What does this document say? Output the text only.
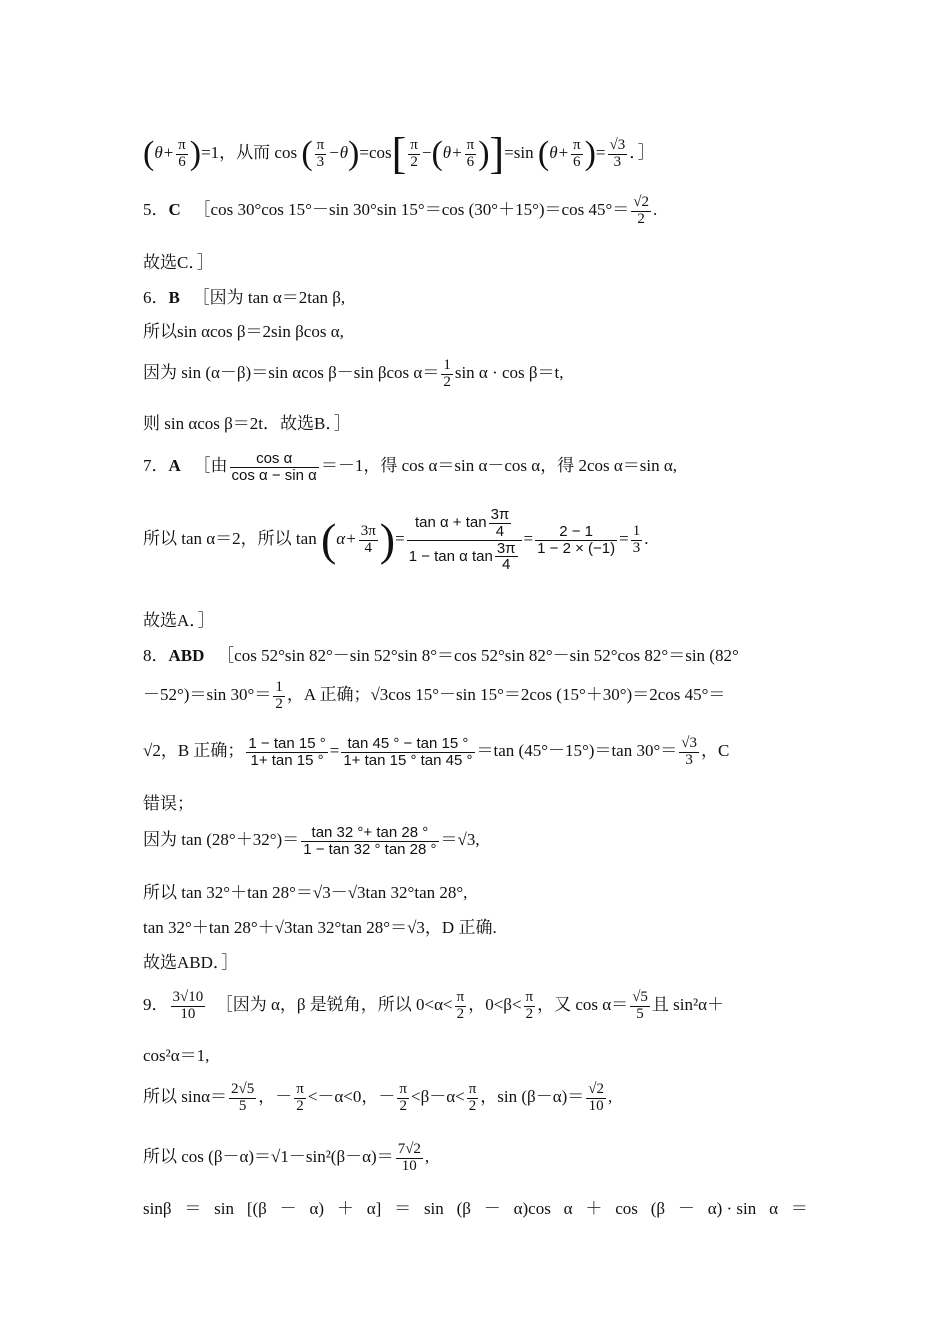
$(\theta+ \frac{\pi}{6} )=1$，从而 cos ( $\frac{\pi}{3} -\theta)=\cos[ \frac{\pi}{2} -(\theta+ \frac{\pi}{6} )]=\sin$ ($\theta+ \frac{\pi}{6}$ )= $\frac{√3}{3}$ ．］
5．C ［cos 30°cos 15°－sin 30°sin 15°＝cos (30°＋15°)＝cos $45^\circ= \frac{√2}{2}$ .
故选C．］
6．B ［因为 tan α＝2tan β,
所以sin αcos β＝2sin βcos α,
因为 sin (α－β)＝sin αcos β－sin βcos $\alpha= \frac{1}{2}$ sin α · cos β＝t,
则 sin αcos β＝2t．故选B．］
7．A ［由 $\frac{\text{cos α}}{\text{cos α − sin α}} =-1$，得 cos α＝sin α－cos α，得 2cos α＝sin α,
所以 tan α＝2，所以 $\tan (\alpha+ \frac{3\pi}{4}$ )= $\frac{\tan \alpha + \tan \frac{3\pi}{4}}{1 - \tan \alpha \tan \frac{3\pi}{4}} = \frac{2 - 1}{1 - 2 \times (-1)} = \frac{1}{3}$ .
故选A．］
8．ABD ［cos 52°sin 82°－sin 52°sin 8°＝cos 52°sin 82°－sin 52°cos 82°＝sin (82°
－52°)＝sin $30^\circ= \frac{1}{2}$ ，A 正确；√3cos 15°－sin 15°＝2cos (15°＋30°)＝2cos 45°＝
√2，B 正确； $\frac{1 - \tan 15 ^\circ}{1+ \tan 15 ^\circ} = \frac{\tan 45 ^\circ - \tan 15 ^\circ}{1+ \tan 15 ^\circ \tan 45 ^\circ} =\tan$ (45°－15°)＝tan $30^\circ= \frac{√3}{3}$ ，C
错误；
因为 $\tan (28^\circ+32^\circ)= \frac{\tan 32 ^\circ+ \tan 28 ^\circ}{1 - \tan 32 ^\circ \tan 28 ^\circ} =√3$,
所以 tan 32°＋tan 28°＝√3－√3tan 32°tan 28°,
tan 32°＋tan 28°＋√3tan 32°tan 28°＝√3，D 正确.
故选ABD．］
9． $\frac{3√10}{10}$ ［因为 α，β 是锐角，所以 $0<\alpha< \frac{\pi}{2}$ ，$0<\beta< \frac{\pi}{2}$ ，又 $\cos \alpha= \frac{√5}{5}$ 且 sin²α＋
cos²α＝1,
所以 $\sin\alpha= \frac{2√5}{5}$ ，－ $\frac{\pi}{2} <-\alpha<0$，－ $\frac{\pi}{2} <\beta-\alpha< \frac{\pi}{2}$ ，$\sin (\beta-\alpha)= \frac{√2}{10}$ ,
所以 $\cos (\beta-\alpha)=√1-\sin^2(\beta-\alpha)= \frac{7√2}{10}$ ,
sinβ ＝ sin [(β － α) ＋ α] ＝ sin (β － α)cos α ＋ cos (β － α) · sin α ＝
